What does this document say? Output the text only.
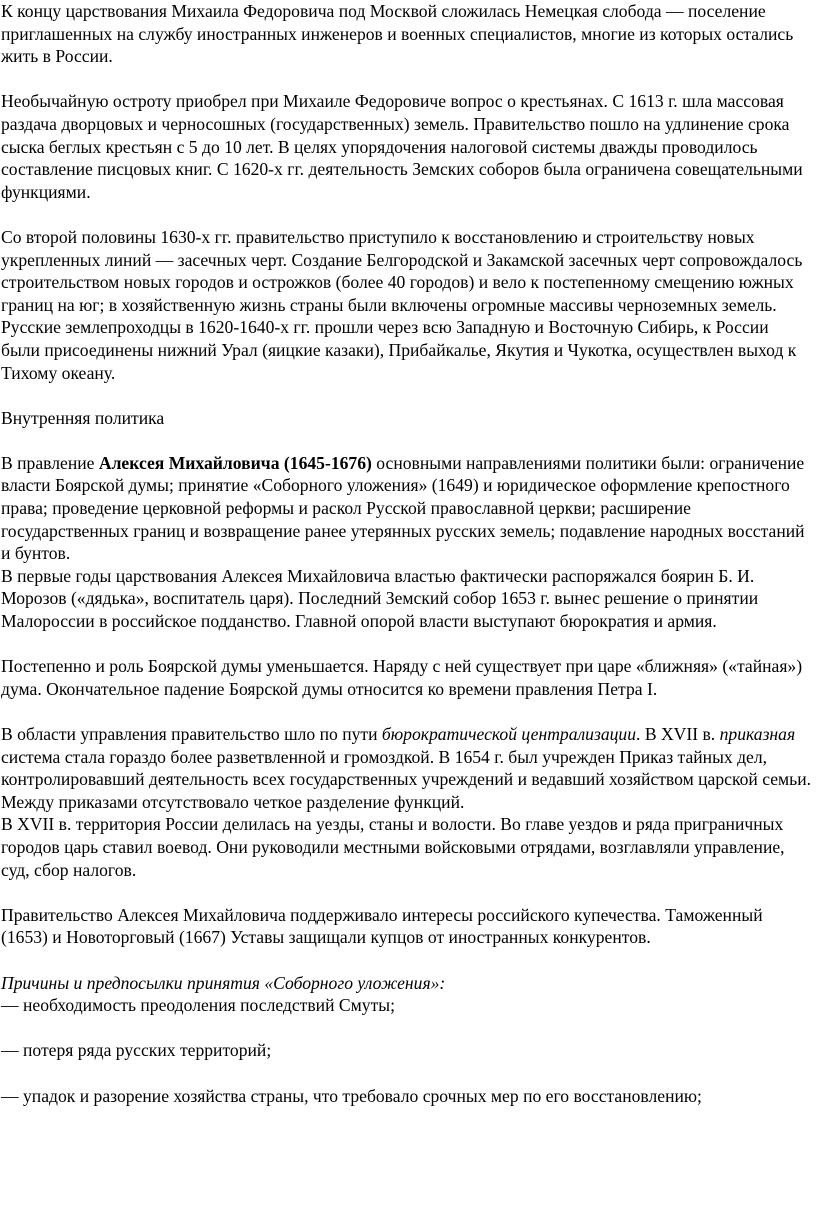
К концу царствования Михаила Федоровича под Москвой сложилась Немецкая слобода — поселение приглашенных на службу иностранных инженеров и военных специалистов, многие из которых остались жить в России.

Необычайную остроту приобрел при Михаиле Федоровиче вопрос о крестьянах. С 1613 г. шла массовая раздача дворцовых и черносошных (государственных) земель. Правительство пошло на удлинение срока сыска беглых крестьян с 5 до 10 лет. В целях упорядочения налоговой системы дважды проводилось составление писцовых книг. С 1620-х гг. деятельность Земских соборов была ограничена совещательными функциями.

Со второй половины 1630-х гг. правительство приступило к восстановлению и строительству новых укрепленных линий — засечных черт. Создание Белгородской и Закамской засечных черт сопровождалось строительством новых городов и острожков (более 40 городов) и вело к постепенному смещению южных границ на юг; в хозяйственную жизнь страны были включены огромные массивы черноземных земель. Русские землепроходцы в 1620-1640-х гг. прошли через всю Западную и Восточную Сибирь, к России были присоединены нижний Урал (яицкие казаки), Прибайкалье, Якутия и Чукотка, осуществлен выход к Тихому океану.

Внутренняя политика

В правление Алексея Михайловича (1645-1676) основными направлениями политики были: ограничение власти Боярской думы; принятие «Соборного уложения» (1649) и юридическое оформление крепостного права; проведение церковной реформы и раскол Русской православной церкви; расширение государственных границ и возвращение ранее утерянных русских земель; подавление народных восстаний и бунтов.

В первые годы царствования Алексея Михайловича властью фактически распоряжался боярин Б. И. Морозов («дядька», воспитатель царя). Последний Земский собор 1653 г. вынес решение о принятии Малороссии в российское подданство. Главной опорой власти выступают бюрократия и армия.

Постепенно и роль Боярской думы уменьшается. Наряду с ней существует при царе «ближняя» («тайная») дума. Окончательное падение Боярской думы относится ко времени правления Петра I.

В области управления правительство шло по пути бюрократической централизации. В XVII в. приказная система стала гораздо более разветвленной и громоздкой. В 1654 г. был учрежден Приказ тайных дел, контролировавший деятельность всех государственных учреждений и ведавший хозяйством царской семьи. Между приказами отсутствовало четкое разделение функций.

В XVII в. территория России делилась на уезды, станы и волости. Во главе уездов и ряда приграничных городов царь ставил воевод. Они руководили местными войсковыми отрядами, возглавляли управление, суд, сбор налогов.

Правительство Алексея Михайловича поддерживало интересы российского купечества. Таможенный (1653) и Новоторговый (1667) Уставы защищали купцов от иностранных конкурентов.

Причины и предпосылки принятия «Соборного уложения»:

— необходимость преодоления последствий Смуты;

— потеря ряда русских территорий;

— упадок и разорение хозяйства страны, что требовало срочных мер по его восстановлению;
